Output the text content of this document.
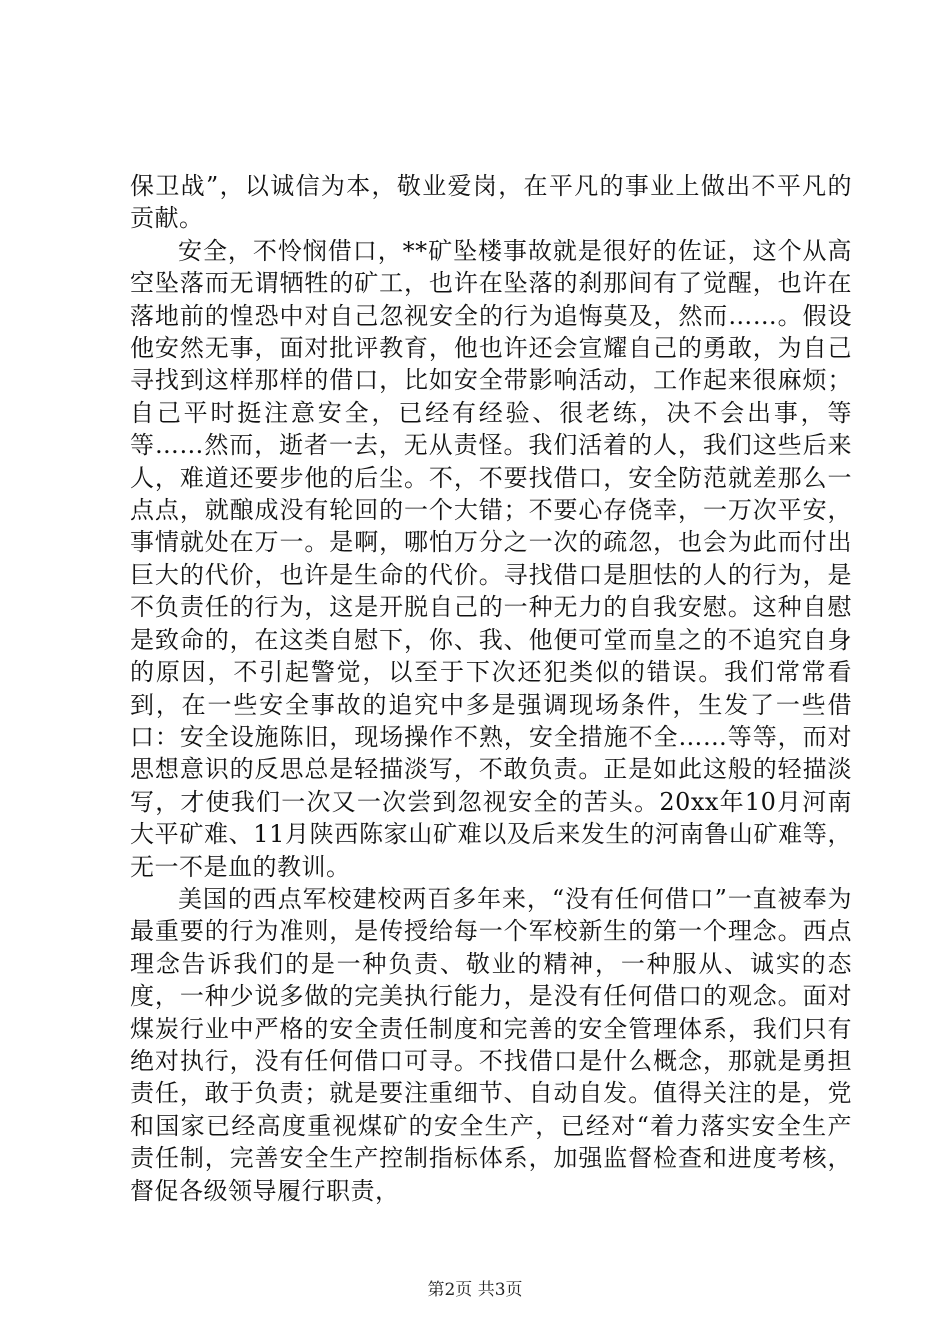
保卫战”，以诚信为本，敬业爱岗，在平凡的事业上做出不平凡的贡献。

安全，不怜悯借口，**矿坠楼事故就是很好的佐证，这个从高空坠落而无谓牺牲的矿工，也许在坠落的刹那间有了觉醒，也许在落地前的惶恐中对自己忽视安全的行为追悔莫及，然而……。假设他安然无事，面对批评教育，他也许还会宣耀自己的勇敢，为自己寻找到这样那样的借口，比如安全带影响活动，工作起来很麻烦；自己平时挺注意安全，已经有经验、很老练，决不会出事，等等……然而，逝者一去，无从责怪。我们活着的人，我们这些后来人，难道还要步他的后尘。不，不要找借口，安全防范就差那么一点点，就酿成没有轮回的一个大错；不要心存侥幸，一万次平安，事情就处在万一。是啊，哪怕万分之一次的疏忽，也会为此而付出巨大的代价，也许是生命的代价。寻找借口是胆怯的人的行为，是不负责任的行为，这是开脱自己的一种无力的自我安慰。这种自慰是致命的，在这类自慰下，你、我、他便可堂而皇之的不追究自身的原因，不引起警觉，以至于下次还犯类似的错误。我们常常看到，在一些安全事故的追究中多是强调现场条件，生发了一些借口：安全设施陈旧，现场操作不熟，安全措施不全……等等，而对思想意识的反思总是轻描淡写，不敢负责。正是如此这般的轻描淡写，才使我们一次又一次尝到忽视安全的苦头。20xx年10月河南大平矿难、11月陕西陈家山矿难以及后来发生的河南鲁山矿难等，无一不是血的教训。

美国的西点军校建校两百多年来，“没有任何借口”一直被奉为最重要的行为准则，是传授给每一个军校新生的第一个理念。西点理念告诉我们的是一种负责、敬业的精神，一种服从、诚实的态度，一种少说多做的完美执行能力，是没有任何借口的观念。面对煤炭行业中严格的安全责任制度和完善的安全管理体系，我们只有绝对执行，没有任何借口可寻。不找借口是什么概念，那就是勇担责任，敢于负责；就是要注重细节、自动自发。值得关注的是，党和国家已经高度重视煤矿的安全生产，已经对“着力落实安全生产责任制，完善安全生产控制指标体系，加强监督检查和进度考核，督促各级领导履行职责，

第2页 共3页
